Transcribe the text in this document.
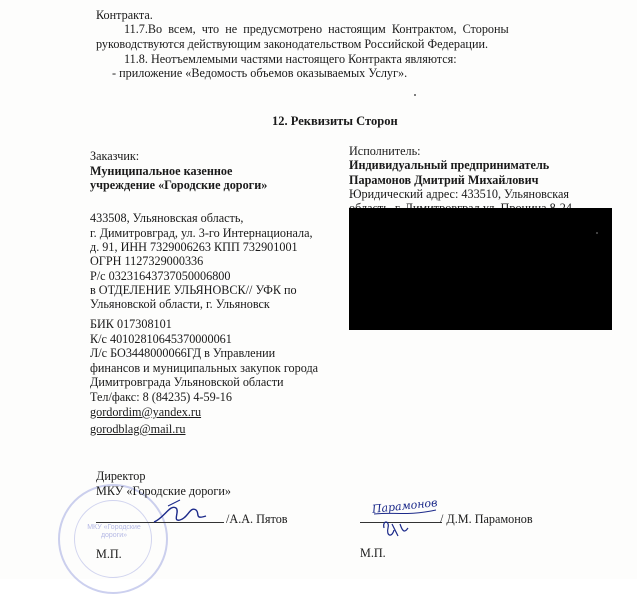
Контракта.
11.7.Во  всем,  что  не  предусмотрено  настоящим  Контрактом,  Стороны
руководствуются действующим законодательством Российской Федерации.
11.8. Неотъемлемыми частями настоящего Контракта являются:
- приложение «Ведомость объемов оказываемых Услуг».
12. Реквизиты Сторон
Заказчик:
Муниципальное казенное
учреждение «Городские дороги»
433508, Ульяновская область,
г. Димитровград, ул. 3-го Интернационала,
д. 91, ИНН 7329006263 КПП 732901001
ОГРН 1127329000336
Р/с 03231643737050006800
в ОТДЕЛЕНИЕ УЛЬЯНОВСК// УФК по
Ульяновской области, г. Ульяновск
БИК 017308101
К/с 40102810645370000061
Л/с БО3448000066ГД в Управлении
финансов и муниципальных закупок города
Димитровграда Ульяновской области
Тел/факс: 8 (84235) 4-59-16
gordordim@yandex.ru
gorodblag@mail.ru
Исполнитель:
Индивидуальный предприниматель
Парамонов Дмитрий Михайлович
Юридический адрес: 433510, Ульяновская
МКУ «Городские дороги»
Директор
МКУ «Городские дороги»
/А.А. Пятов
М.П.
Парамонов
/ Д.М. Парамонов
М.П.
